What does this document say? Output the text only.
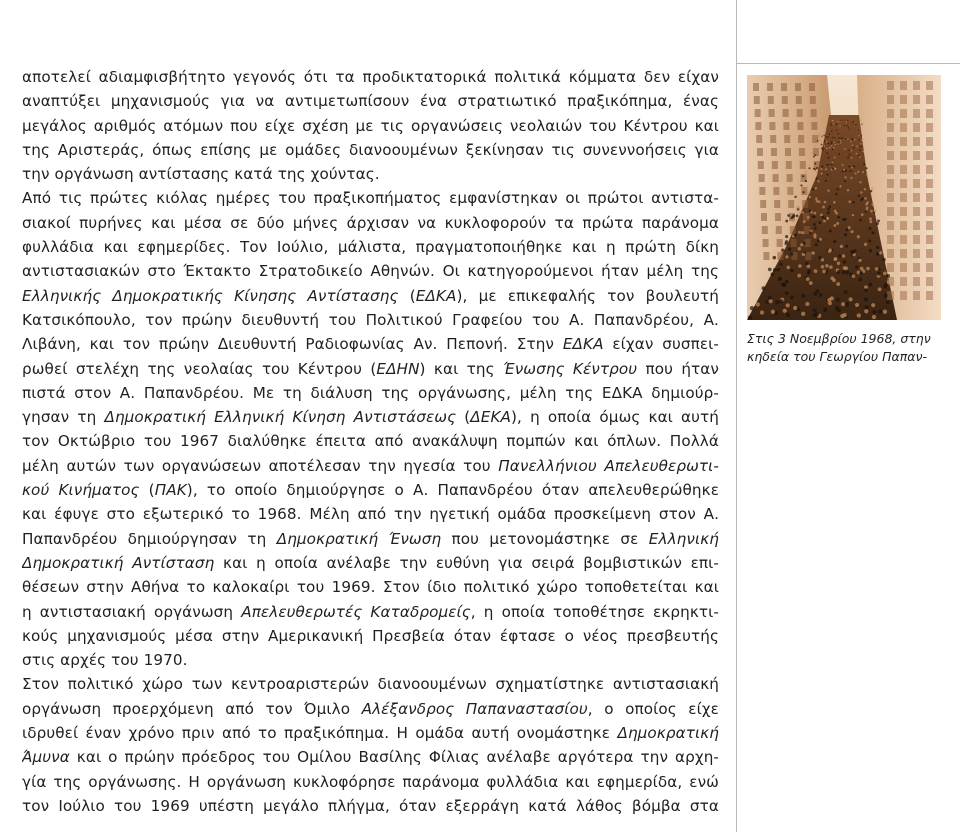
αποτελεί αδιαμφισβήτητο γεγονός ότι τα προδικτατορικά πολιτικά κόμματα δεν είχαν
αναπτύξει μηχανισμούς για να αντιμετωπίσουν ένα στρατιωτικό πραξικόπημα, ένας
μεγάλος αριθμός ατόμων που είχε σχέση με τις οργανώσεις νεολαιών του Κέντρου και
της Αριστεράς, όπως επίσης με ομάδες διανοουμένων ξεκίνησαν τις συνεννοήσεις για
την οργάνωση αντίστασης κατά της χούντας.
Από τις πρώτες κιόλας ημέρες του πραξικοπήματος εμφανίστηκαν οι πρώτοι αντιστα-
σιακοί πυρήνες και μέσα σε δύο μήνες άρχισαν να κυκλοφορούν τα πρώτα παράνομα
φυλλάδια και εφημερίδες. Τον Ιούλιο, μάλιστα, πραγματοποιήθηκε και η πρώτη δίκη
αντιστασιακών στο Έκτακτο Στρατοδικείο Αθηνών. Οι κατηγορούμενοι ήταν μέλη της
Ελληνικής Δημοκρατικής Κίνησης Αντίστασης (ΕΔΚΑ), με επικεφαλής τον βουλευτή
Κατσικόπουλο, τον πρώην διευθυντή του Πολιτικού Γραφείου του Α. Παπανδρέου, Α.
Λιβάνη, και τον πρώην Διευθυντή Ραδιοφωνίας Αν. Πεπονή. Στην ΕΔΚΑ είχαν συσπει-
ρωθεί στελέχη της νεολαίας του Κέντρου (ΕΔΗΝ) και της Ένωσης Κέντρου που ήταν
πιστά στον Α. Παπανδρέου. Με τη διάλυση της οργάνωσης, μέλη της ΕΔΚΑ δημιούρ-
γησαν τη Δημοκρατική Ελληνική Κίνηση Αντιστάσεως (ΔΕΚΑ), η οποία όμως και αυτή
τον Οκτώβριο του 1967 διαλύθηκε έπειτα από ανακάλυψη πομπών και όπλων. Πολλά
μέλη αυτών των οργανώσεων αποτέλεσαν την ηγεσία του Πανελλήνιου Απελευθερωτι-
κού Κινήματος (ΠΑΚ), το οποίο δημιούργησε ο Α. Παπανδρέου όταν απελευθερώθηκε
και έφυγε στο εξωτερικό το 1968. Μέλη από την ηγετική ομάδα προσκείμενη στον Α.
Παπανδρέου δημιούργησαν τη Δημοκρατική Ένωση που μετονομάστηκε σε Ελληνική
Δημοκρατική Αντίσταση και η οποία ανέλαβε την ευθύνη για σειρά βομβιστικών επι-
θέσεων στην Αθήνα το καλοκαίρι του 1969. Στον ίδιο πολιτικό χώρο τοποθετείται και
η αντιστασιακή οργάνωση Απελευθερωτές Καταδρομείς, η οποία τοποθέτησε εκρηκτι-
κούς μηχανισμούς μέσα στην Αμερικανική Πρεσβεία όταν έφτασε ο νέος πρεσβευτής
στις αρχές του 1970.
Στον πολιτικό χώρο των κεντροαριστερών διανοουμένων σχηματίστηκε αντιστασιακή
οργάνωση προερχόμενη από τον Όμιλο Αλέξανδρος Παπαναστασίου, ο οποίος είχε
ιδρυθεί έναν χρόνο πριν από το πραξικόπημα. Η ομάδα αυτή ονομάστηκε Δημοκρατική
Άμυνα και ο πρώην πρόεδρος του Ομίλου Βασίλης Φίλιας ανέλαβε αργότερα την αρχη-
γία της οργάνωσης. Η οργάνωση κυκλοφόρησε παράνομα φυλλάδια και εφημερίδα, ενώ
τον Ιούλιο του 1969 υπέστη μεγάλο πλήγμα, όταν εξερράγη κατά λάθος βόμβα στα
Στις 3 Νοεμβρίου 1968, στην
κηδεία του Γεωργίου Παπαν-
